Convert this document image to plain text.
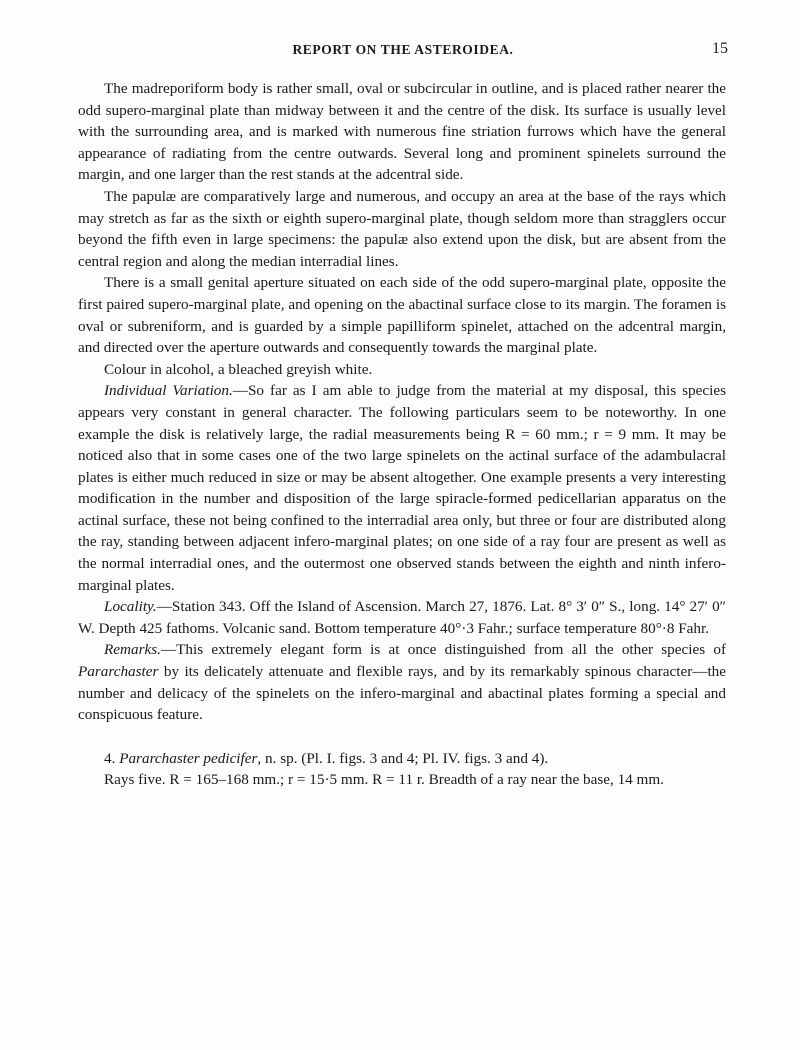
REPORT ON THE ASTEROIDEA.	15

The madreporiform body is rather small, oval or subcircular in outline, and is placed rather nearer the odd supero-marginal plate than midway between it and the centre of the disk. Its surface is usually level with the surrounding area, and is marked with numerous fine striation furrows which have the general appearance of radiating from the centre outwards. Several long and prominent spinelets surround the margin, and one larger than the rest stands at the adcentral side.

The papulæ are comparatively large and numerous, and occupy an area at the base of the rays which may stretch as far as the sixth or eighth supero-marginal plate, though seldom more than stragglers occur beyond the fifth even in large specimens: the papulæ also extend upon the disk, but are absent from the central region and along the median interradial lines.

There is a small genital aperture situated on each side of the odd supero-marginal plate, opposite the first paired supero-marginal plate, and opening on the abactinal surface close to its margin. The foramen is oval or subreniform, and is guarded by a simple papilliform spinelet, attached on the adcentral margin, and directed over the aperture outwards and consequently towards the marginal plate.

Colour in alcohol, a bleached greyish white.

Individual Variation.—So far as I am able to judge from the material at my disposal, this species appears very constant in general character. The following particulars seem to be noteworthy. In one example the disk is relatively large, the radial measurements being R = 60 mm.; r = 9 mm. It may be noticed also that in some cases one of the two large spinelets on the actinal surface of the adambulacral plates is either much reduced in size or may be absent altogether. One example presents a very interesting modification in the number and disposition of the large spiracle-formed pedicellarian apparatus on the actinal surface, these not being confined to the interradial area only, but three or four are distributed along the ray, standing between adjacent infero-marginal plates; on one side of a ray four are present as well as the normal interradial ones, and the outermost one observed stands between the eighth and ninth infero-marginal plates.

Locality.—Station 343. Off the Island of Ascension. March 27, 1876. Lat. 8° 3′ 0″ S., long. 14° 27′ 0″ W. Depth 425 fathoms. Volcanic sand. Bottom temperature 40°·3 Fahr.; surface temperature 80°·8 Fahr.

Remarks.—This extremely elegant form is at once distinguished from all the other species of Pararchaster by its delicately attenuate and flexible rays, and by its remarkably spinous character—the number and delicacy of the spinelets on the infero-marginal and abactinal plates forming a special and conspicuous feature.

4. Pararchaster pedicifer, n. sp. (Pl. I. figs. 3 and 4; Pl. IV. figs. 3 and 4).

Rays five. R = 165–168 mm.; r = 15·5 mm. R = 11 r. Breadth of a ray near the base, 14 mm.
